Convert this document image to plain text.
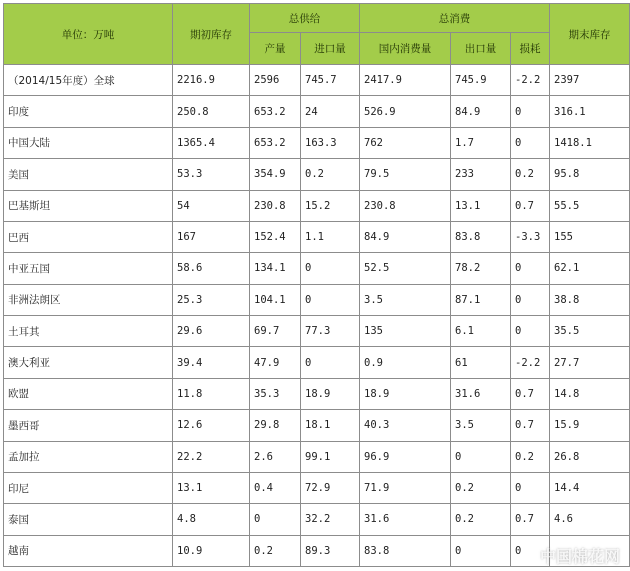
单位：万吨	期初库存	总供给		总消费			期末库存
		产量	进口量	国内消费量	出口量	损耗	
（2014/15年度）全球	2216.9	2596	745.7	2417.9	745.9	-2.2	2397
印度	250.8	653.2	24	526.9	84.9	0	316.1
中国大陆	1365.4	653.2	163.3	762	1.7	0	1418.1
美国	53.3	354.9	0.2	79.5	233	0.2	95.8
巴基斯坦	54	230.8	15.2	230.8	13.1	0.7	55.5
巴西	167	152.4	1.1	84.9	83.8	-3.3	155
中亚五国	58.6	134.1	0	52.5	78.2	0	62.1
非洲法朗区	25.3	104.1	0	3.5	87.1	0	38.8
土耳其	29.6	69.7	77.3	135	6.1	0	35.5
澳大利亚	39.4	47.9	0	0.9	61	-2.2	27.7
欧盟	11.8	35.3	18.9	18.9	31.6	0.7	14.8
墨西哥	12.6	29.8	18.1	40.3	3.5	0.7	15.9
孟加拉	22.2	2.6	99.1	96.9	0	0.2	26.8
印尼	13.1	0.4	72.9	71.9	0.2	0	14.4
泰国	4.8	0	32.2	31.6	0.2	0.7	4.6
越南	10.9	0.2	89.3	83.8	0	0	中国棉花网
